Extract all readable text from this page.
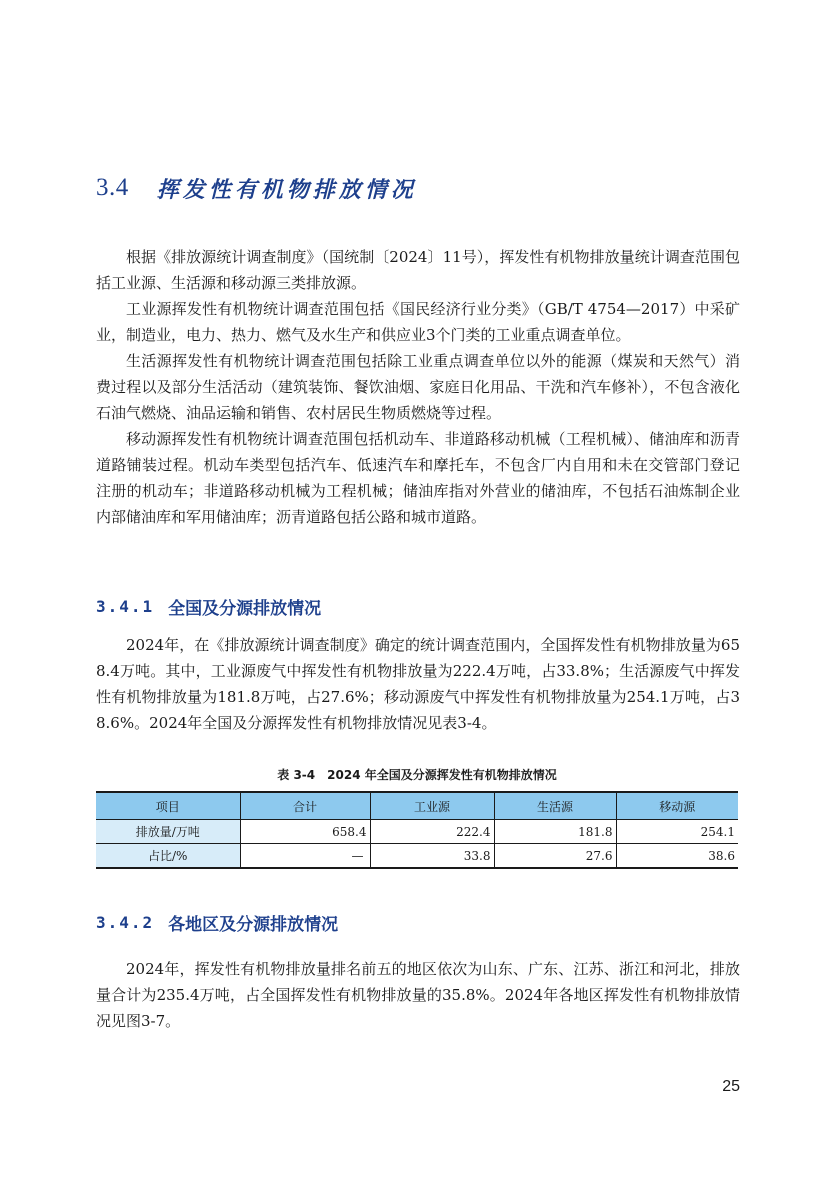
3.4 挥发性有机物排放情况

根据《排放源统计调查制度》（国统制〔2024〕11号），挥发性有机物排放量统计调查范围包括工业源、生活源和移动源三类排放源。

工业源挥发性有机物统计调查范围包括《国民经济行业分类》（GB/T 4754—2017）中采矿业，制造业，电力、热力、燃气及水生产和供应业3个门类的工业重点调查单位。

生活源挥发性有机物统计调查范围包括除工业重点调查单位以外的能源（煤炭和天然气）消费过程以及部分生活活动（建筑装饰、餐饮油烟、家庭日化用品、干洗和汽车修补），不包含液化石油气燃烧、油品运输和销售、农村居民生物质燃烧等过程。

移动源挥发性有机物统计调查范围包括机动车、非道路移动机械（工程机械）、储油库和沥青道路铺装过程。机动车类型包括汽车、低速汽车和摩托车，不包含厂内自用和未在交管部门登记注册的机动车；非道路移动机械为工程机械；储油库指对外营业的储油库，不包括石油炼制企业内部储油库和军用储油库；沥青道路包括公路和城市道路。

3.4.1 全国及分源排放情况

2024年，在《排放源统计调查制度》确定的统计调查范围内，全国挥发性有机物排放量为658.4万吨。其中，工业源废气中挥发性有机物排放量为222.4万吨，占33.8%；生活源废气中挥发性有机物排放量为181.8万吨，占27.6%；移动源废气中挥发性有机物排放量为254.1万吨，占38.6%。2024年全国及分源挥发性有机物排放情况见表3-4。

表 3-4　2024 年全国及分源挥发性有机物排放情况
项目	合计	工业源	生活源	移动源
排放量/万吨	658.4	222.4	181.8	254.1
占比/%	—	33.8	27.6	38.6
3.4.2 各地区及分源排放情况

2024年，挥发性有机物排放量排名前五的地区依次为山东、广东、江苏、浙江和河北，排放量合计为235.4万吨，占全国挥发性有机物排放量的35.8%。2024年各地区挥发性有机物排放情况见图3-7。

25
